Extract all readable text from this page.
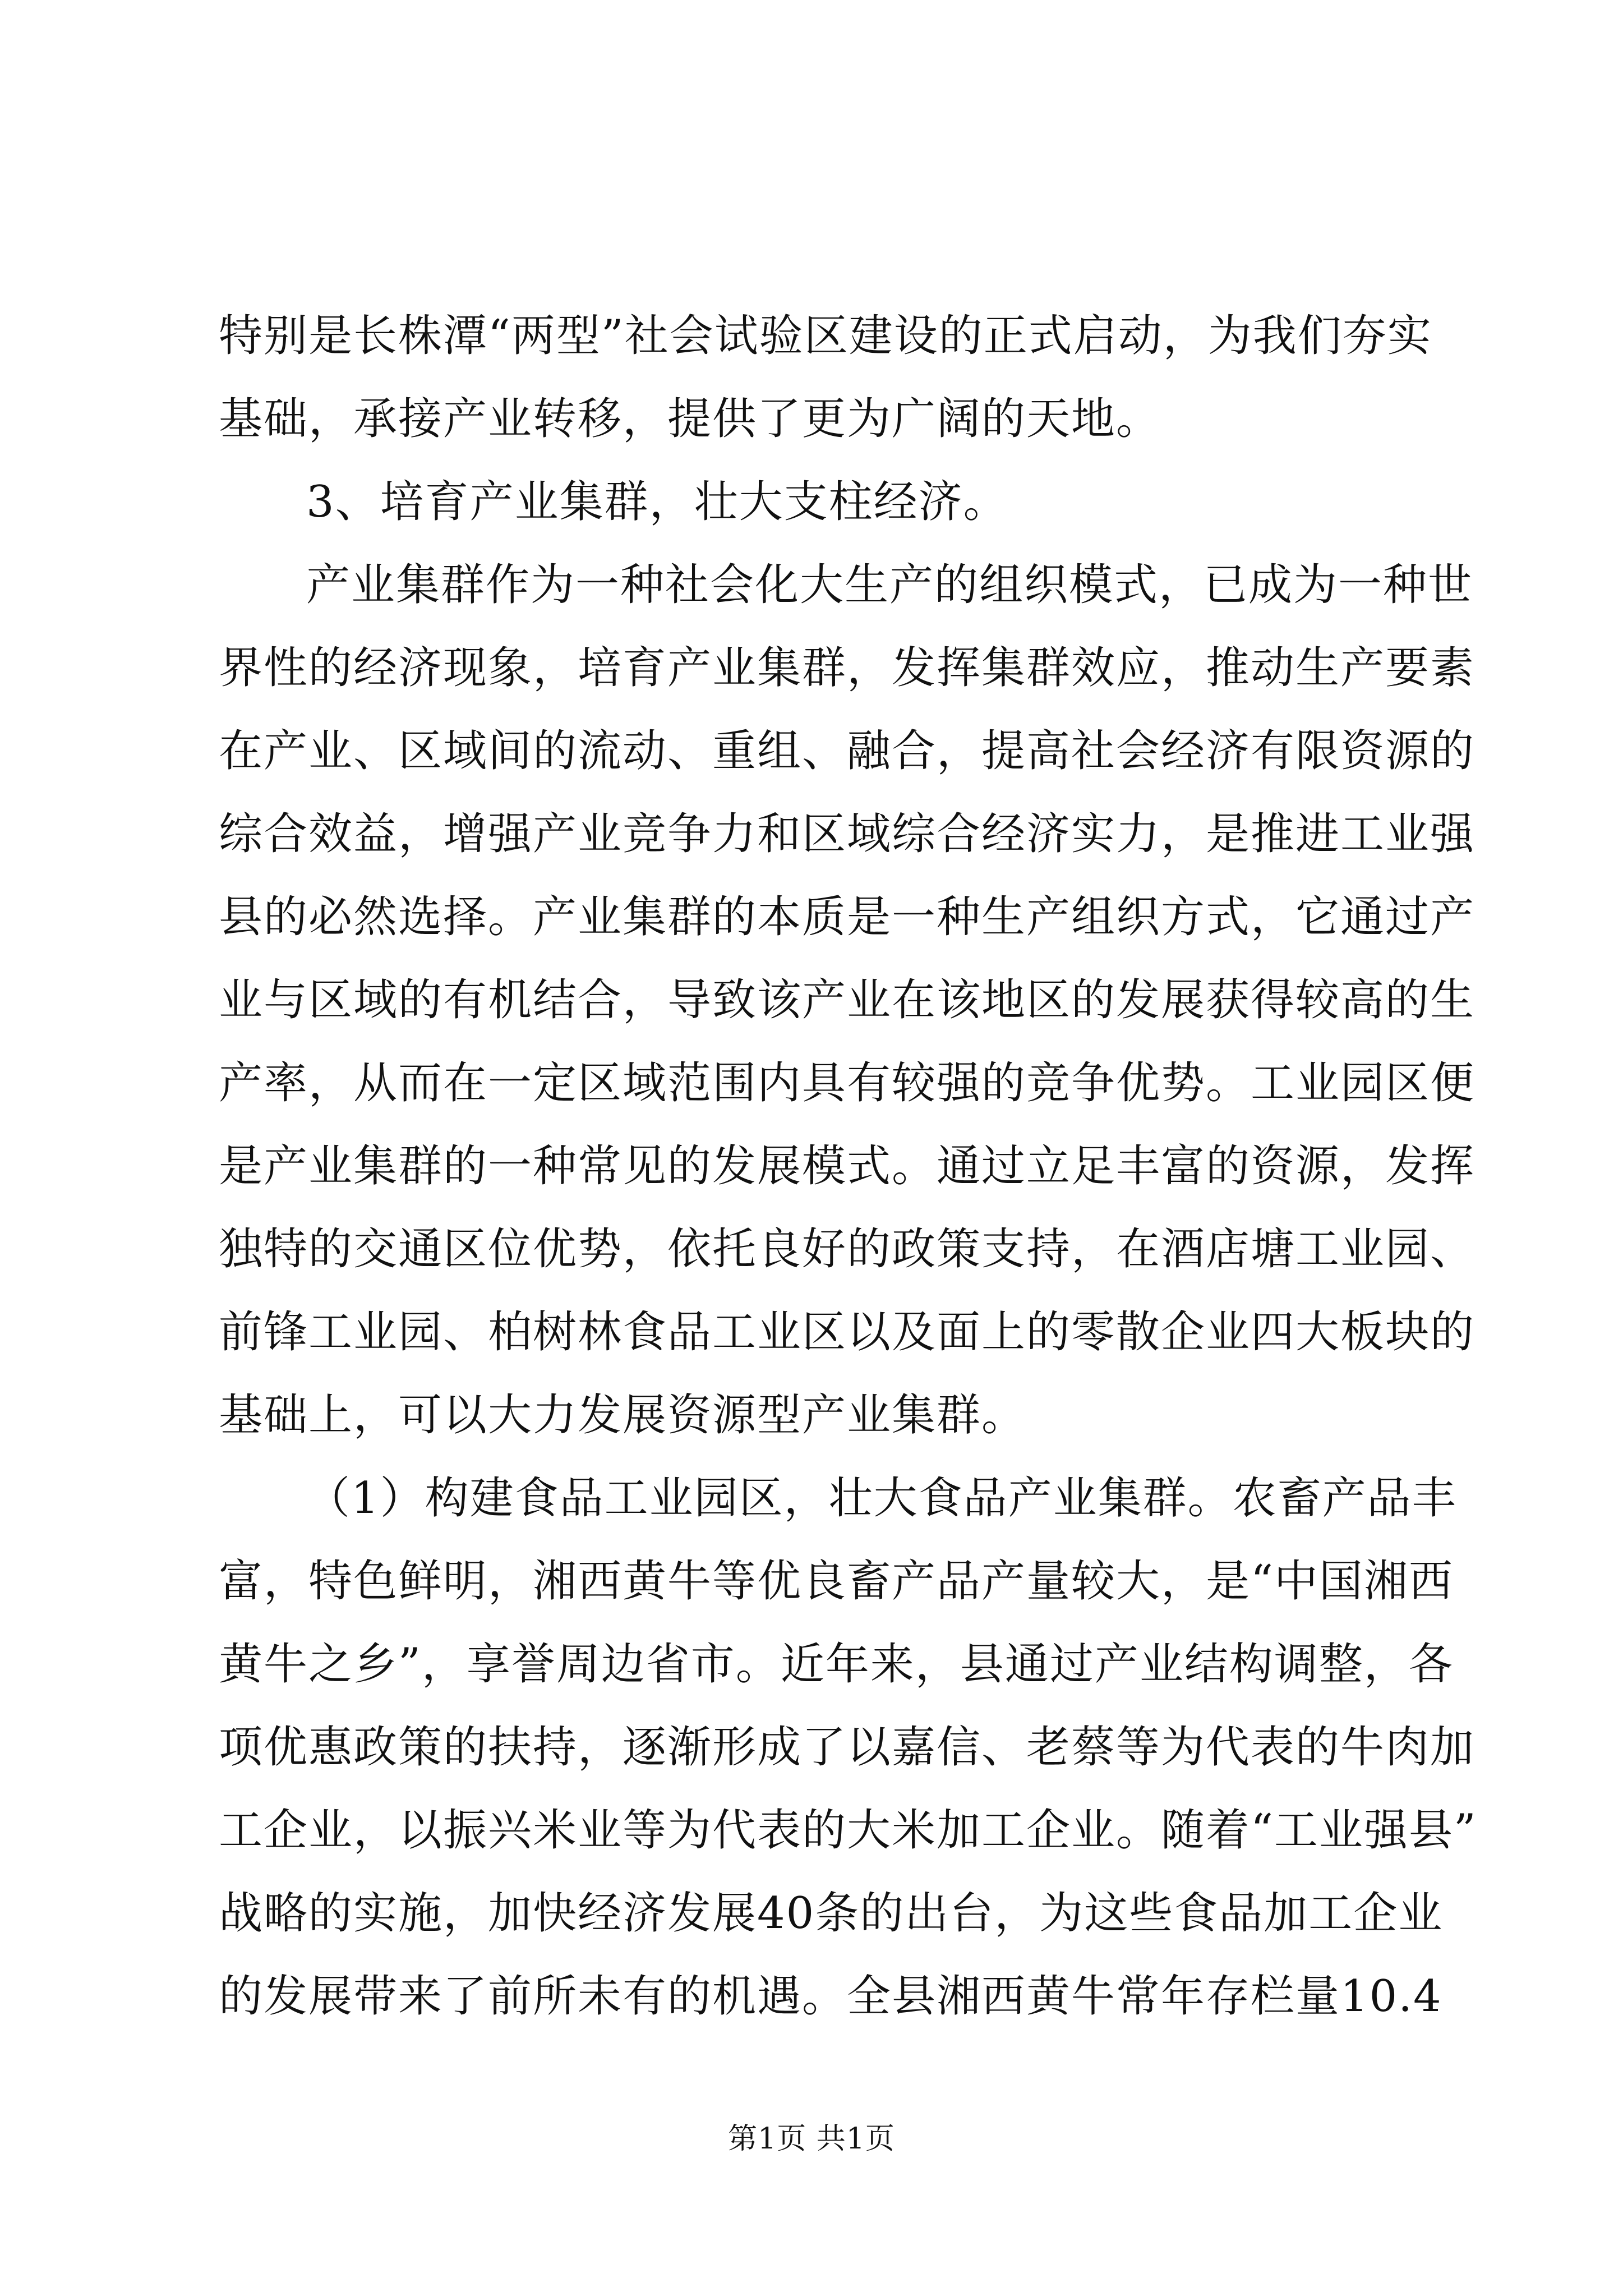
特别是长株潭“两型”社会试验区建设的正式启动，为我们夯实
基础，承接产业转移，提供了更为广阔的天地。
3、培育产业集群，壮大支柱经济。
产业集群作为一种社会化大生产的组织模式，已成为一种世
界性的经济现象，培育产业集群，发挥集群效应，推动生产要素
在产业、区域间的流动、重组、融合，提高社会经济有限资源的
综合效益，增强产业竞争力和区域综合经济实力，是推进工业强
县的必然选择。产业集群的本质是一种生产组织方式，它通过产
业与区域的有机结合，导致该产业在该地区的发展获得较高的生
产率，从而在一定区域范围内具有较强的竞争优势。工业园区便
是产业集群的一种常见的发展模式。通过立足丰富的资源，发挥
独特的交通区位优势，依托良好的政策支持，在酒店塘工业园、
前锋工业园、柏树林食品工业区以及面上的零散企业四大板块的
基础上，可以大力发展资源型产业集群。
（1）构建食品工业园区，壮大食品产业集群。农畜产品丰
富，特色鲜明，湘西黄牛等优良畜产品产量较大，是“中国湘西
黄牛之乡”，享誉周边省市。近年来，县通过产业结构调整，各
项优惠政策的扶持，逐渐形成了以嘉信、老蔡等为代表的牛肉加
工企业，以振兴米业等为代表的大米加工企业。随着“工业强县”
战略的实施，加快经济发展40条的出台，为这些食品加工企业
的发展带来了前所未有的机遇。全县湘西黄牛常年存栏量10.4
第1页 共1页
